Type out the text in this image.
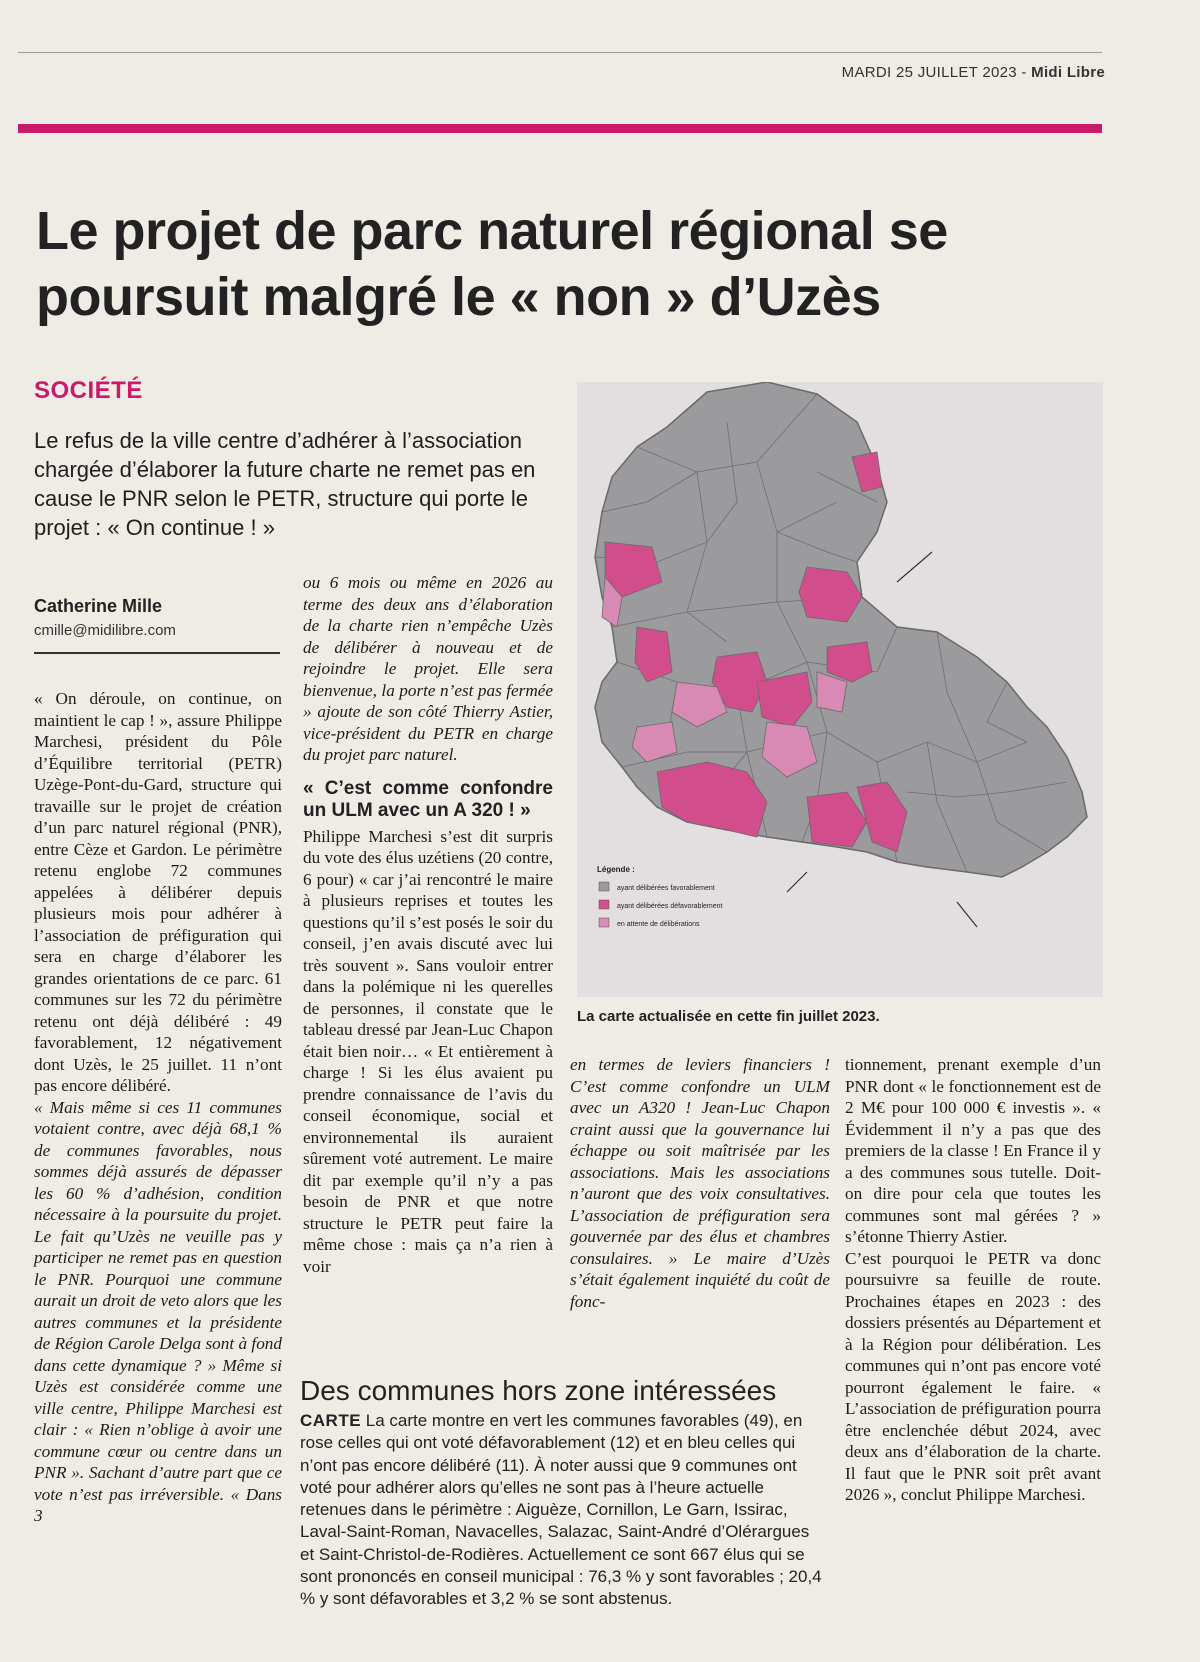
MARDI 25 JUILLET 2023 - Midi Libre
Le projet de parc naturel régional se
poursuit malgré le « non » d’Uzès
SOCIÉTÉ

Le refus de la ville centre d’adhérer à l’association chargée d’élaborer la future charte ne remet pas en cause le PNR selon le PETR, structure qui porte le projet : « On continue ! »

Catherine Mille
cmille@midilibre.com

« On déroule, on continue, on maintient le cap ! », assure Philippe Marchesi, président du Pôle d’Équilibre territorial (PETR) Uzège-Pont-du-Gard, structure qui travaille sur le projet de création d’un parc naturel régional (PNR), entre Cèze et Gardon. Le périmètre retenu englobe 72 communes appelées à délibérer depuis plusieurs mois pour adhérer à l’association de préfiguration qui sera en charge d’élaborer les grandes orientations de ce parc. 61 communes sur les 72 du périmètre retenu ont déjà délibéré : 49 favorablement, 12 négativement dont Uzès, le 25 juillet. 11 n’ont pas encore délibéré.

« Mais même si ces 11 communes votaient contre, avec déjà 68,1 % de communes favorables, nous sommes déjà assurés de dépasser les 60 % d’adhésion, condition nécessaire à la poursuite du projet. Le fait qu’Uzès ne veuille pas y participer ne remet pas en question le PNR. Pourquoi une commune aurait un droit de veto alors que les autres communes et la présidente de Région Carole Delga sont à fond dans cette dynamique ? » Même si Uzès est considérée comme une ville centre, Philippe Marchesi est clair : « Rien n’oblige à avoir une commune cœur ou centre dans un PNR ». Sachant d’autre part que ce vote n’est pas irréversible. « Dans 3

ou 6 mois ou même en 2026 au terme des deux ans d’élaboration de la charte rien n’empêche Uzès de délibérer à nouveau et de rejoindre le projet. Elle sera bienvenue, la porte n’est pas fermée » ajoute de son côté Thierry Astier, vice-président du PETR en charge du projet parc naturel.

« C’est comme confondre un ULM avec un A 320 ! »

Philippe Marchesi s’est dit surpris du vote des élus uzétiens (20 contre, 6 pour) « car j’ai rencontré le maire à plusieurs reprises et toutes les questions qu’il s’est posés le soir du conseil, j’en avais discuté avec lui très souvent ». Sans vouloir entrer dans la polémique ni les querelles de personnes, il constate que le tableau dressé par Jean-Luc Chapon était bien noir… « Et entièrement à charge ! Si les élus avaient pu prendre connaissance de l’avis du conseil économique, social et environnemental ils auraient sûrement voté autrement. Le maire dit par exemple qu’il n’y a pas besoin de PNR et que notre structure le PETR peut faire la même chose : mais ça n’a rien à voir

en termes de leviers financiers ! C’est comme confondre un ULM avec un A320 ! Jean-Luc Chapon craint aussi que la gouvernance lui échappe ou soit maîtrisée par les associations. Mais les associations n’auront que des voix consultatives. L’association de préfiguration sera gouvernée par des élus et chambres consulaires. » Le maire d’Uzès s’était également inquiété du coût de fonc-

tionnement, prenant exemple d’un PNR dont « le fonctionnement est de 2 M€ pour 100 000 € investis ». « Évidemment il n’y a pas que des premiers de la classe ! En France il y a des communes sous tutelle. Doit-on dire pour cela que toutes les communes sont mal gérées ? » s’étonne Thierry Astier.

C’est pourquoi le PETR va donc poursuivre sa feuille de route. Prochaines étapes en 2023 : des dossiers présentés au Département et à la Région pour délibération. Les communes qui n’ont pas encore voté pourront également le faire. « L’association de préfiguration pourra être enclenchée début 2024, avec deux ans d’élaboration de la charte. Il faut que le PNR soit prêt avant 2026 », conclut Philippe Marchesi.

Des communes hors zone intéressées

CARTE La carte montre en vert les communes favorables (49), en rose celles qui ont voté défavorablement (12) et en bleu celles qui n’ont pas encore délibéré (11). À noter aussi que 9 communes ont voté pour adhérer alors qu’elles ne sont pas à l’heure actuelle retenues dans le périmètre : Aiguèze, Cornillon, Le Garn, Issirac, Laval-Saint-Roman, Navacelles, Salazac, Saint-André d’Olérargues et Saint-Christol-de-Rodières. Actuellement ce sont 667 élus qui se sont prononcés en conseil municipal : 76,3 % y sont favorables ; 20,4 % y sont défavorables et 3,2 % se sont abstenus.

Légende :
ayant délibérées favorablement
ayant délibérées défavorablement
en attente de délibérations
La carte actualisée en cette fin juillet 2023.
